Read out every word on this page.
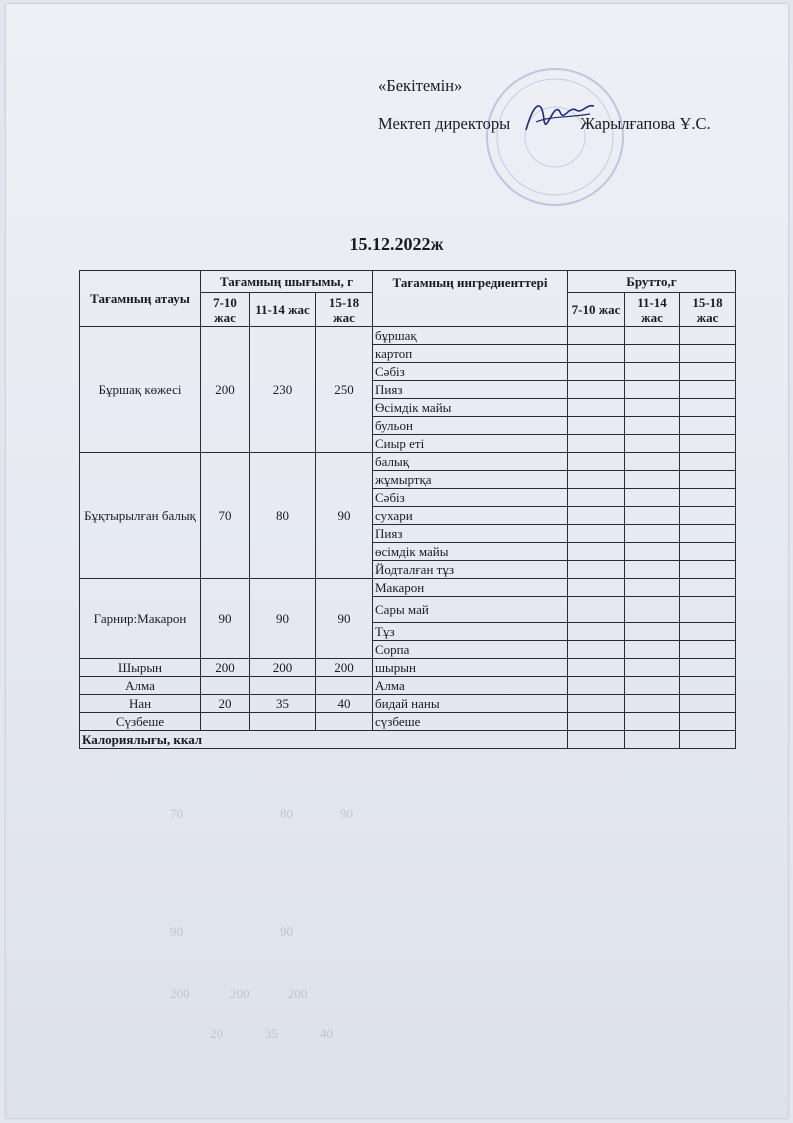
«Бекітемін»
Мектеп директоры	Жарылғапова Ұ.С.
15.12.2022ж
Тағамның атауы	Тағамның шығымы, г			Тағамның ингредиенттері	Брутто,г		
	7-10 жас	11-14 жас	15-18 жас		7-10 жас	11-14 жас	15-18 жас
Бұршақ көжесі	200	230	250	бұршақ			
				картоп			
				Сәбіз			
				Пияз			
				Өсімдік майы			
				бульон			
				Сиыр еті			
Бұқтырылған балық	70	80	90	балық			
				жұмыртқа			
				Сәбіз			
				сухари			
				Пияз			
				өсімдік майы			
				Йодталған тұз			
Гарнир:Макарон	90	90	90	Макарон			
				Сары май			
				Тұз			
				Сорпа			
Шырын	200	200	200	шырын			
Алма				Алма			
Нан	20	35	40	бидай наны			
Сүзбеше				сүзбеше			
Калориялығы, ккал							
70	80	90
90	90
200	200	200
20	35	40
